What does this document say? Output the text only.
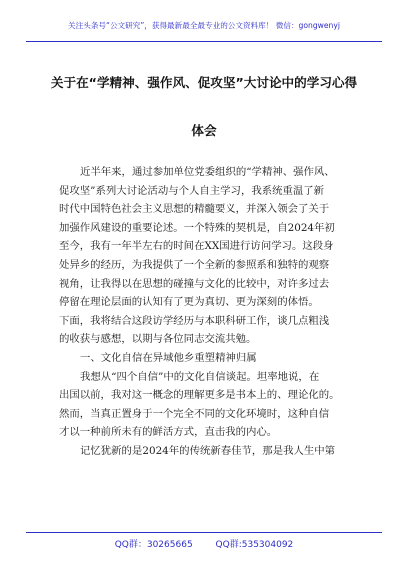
关注头条号“公文研究”，获得最新最全最专业的公文资料库！ 微信：gongwenyj
关于在“学精神、强作风、促攻坚”大讨论中的学习心得
体会
近半年来，通过参加单位党委组织的“学精神、强作风、
促攻坚”系列大讨论活动与个人自主学习，我系统重温了新
时代中国特色社会主义思想的精髓要义，并深入领会了关于
加强作风建设的重要论述。一个特殊的契机是，自2024年初
至今，我有一年半左右的时间在XX国进行访问学习。这段身
处异乡的经历，为我提供了一个全新的参照系和独特的观察
视角，让我得以在思想的碰撞与文化的比较中，对许多过去
停留在理论层面的认知有了更为真切、更为深刻的体悟。
下面，我将结合这段访学经历与本职科研工作，谈几点粗浅
的收获与感想，以期与各位同志交流共勉。
一、文化自信在异域他乡重塑精神归属
我想从“四个自信”中的文化自信谈起。坦率地说，在
出国以前，我对这一概念的理解更多是书本上的、理论化的。
然而，当真正置身于一个完全不同的文化环境时，这种自信
才以一种前所未有的鲜活方式，直击我的内心。
记忆犹新的是2024年的传统新春佳节，那是我人生中第
QQ群：30265665	QQ群:535304092
